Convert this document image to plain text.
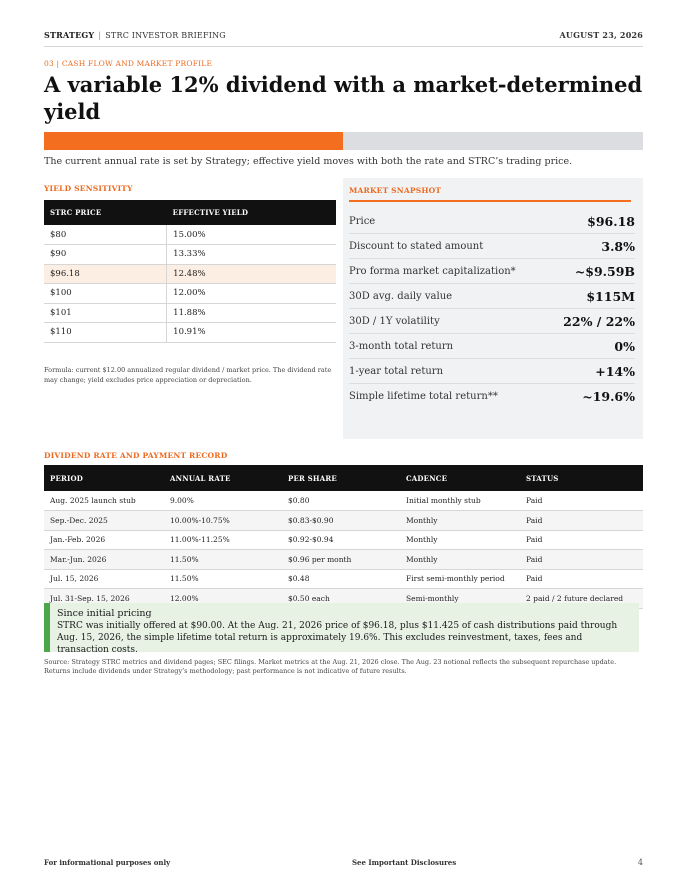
STRATEGY | STRC INVESTOR BRIEFING	AUGUST 23, 2026
03 | CASH FLOW AND MARKET PROFILE
A variable 12% dividend with a market-determined yield

The current annual rate is set by Strategy; effective yield moves with both the rate and STRC’s trading price.

YIELD SENSITIVITY
STRC PRICE	EFFECTIVE YIELD
$80	15.00%
$90	13.33%
$96.18	12.48%
$100	12.00%
$101	11.88%
$110	10.91%

Formula: current $12.00 annualized regular dividend / market price. The dividend rate may change; yield excludes price appreciation or depreciation.

MARKET SNAPSHOT
Price	$96.18
Discount to stated amount	3.8%
Pro forma market capitalization*	~$9.59B
30D avg. daily value	$115M
30D / 1Y volatility	22% / 22%
3-month total return	0%
1-year total return	+14%
Simple lifetime total return**	~19.6%
DIVIDEND RATE AND PAYMENT RECORD
PERIOD	ANNUAL RATE	PER SHARE	CADENCE	STATUS
Aug. 2025 launch stub	9.00%	$0.80	Initial monthly stub	Paid
Sep.-Dec. 2025	10.00%-10.75%	$0.83-$0.90	Monthly	Paid
Jan.-Feb. 2026	11.00%-11.25%	$0.92-$0.94	Monthly	Paid
Mar.-Jun. 2026	11.50%	$0.96 per month	Monthly	Paid
Jul. 15, 2026	11.50%	$0.48	First semi-monthly period	Paid
Jul. 31-Sep. 15, 2026	12.00%	$0.50 each	Semi-monthly	2 paid / 2 future declared
Since initial pricing
STRC was initially offered at $90.00. At the Aug. 21, 2026 price of $96.18, plus $11.425 of cash distributions paid through Aug. 15, 2026, the simple lifetime total return is approximately 19.6%. This excludes reinvestment, taxes, fees and transaction costs.

Source: Strategy STRC metrics and dividend pages; SEC filings. Market metrics at the Aug. 21, 2026 close. The Aug. 23 notional reflects the subsequent repurchase update. Returns include dividends under Strategy’s methodology; past performance is not indicative of future results.

For informational purposes only	See Important Disclosures	4
